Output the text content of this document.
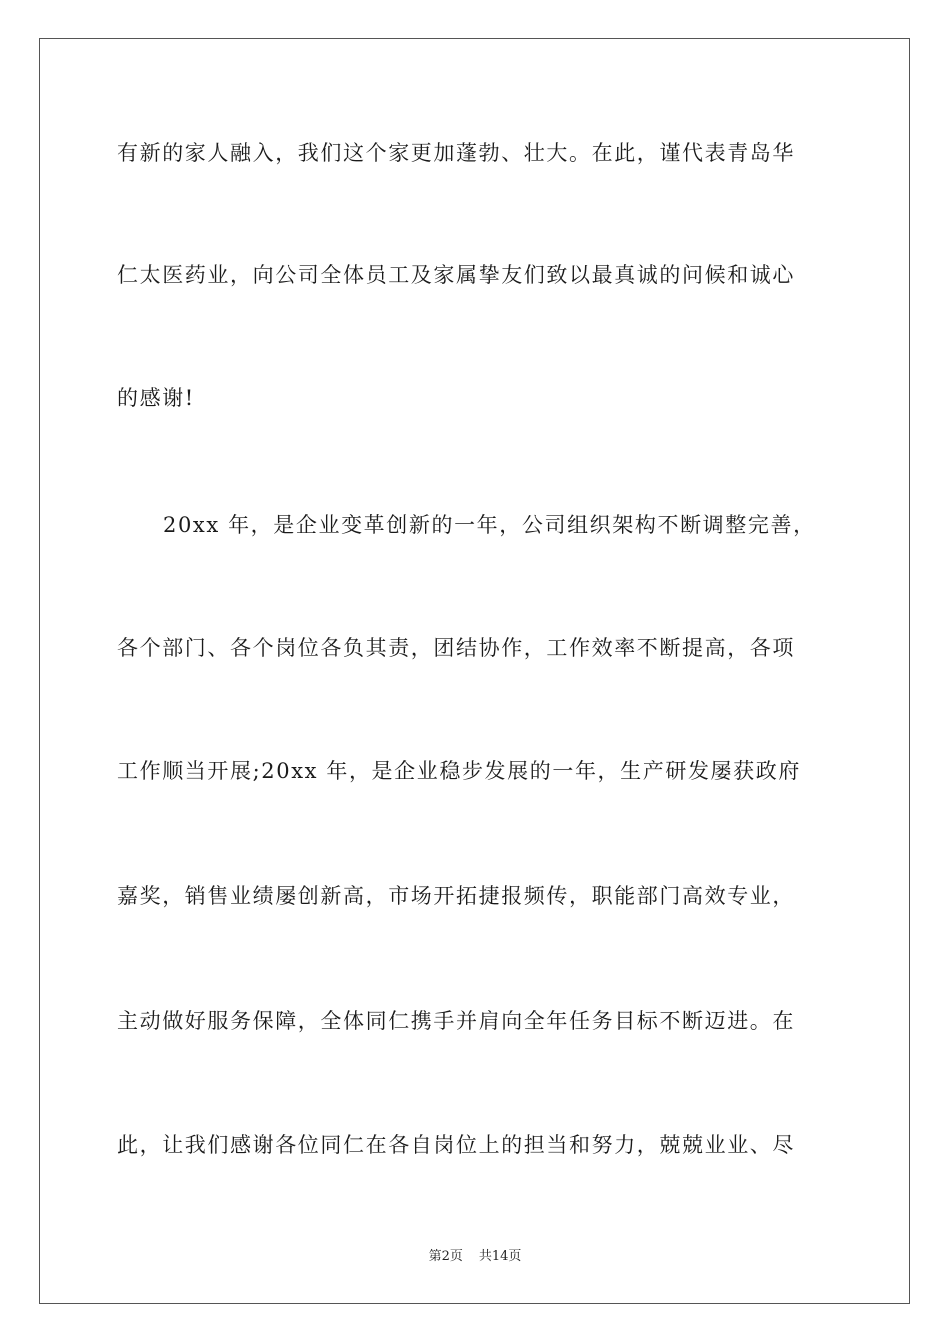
有新的家人融入，我们这个家更加蓬勃、壮大。在此，谨代表青岛华
仁太医药业，向公司全体员工及家属挚友们致以最真诚的问候和诚心
的感谢!
20xx 年，是企业变革创新的一年，公司组织架构不断调整完善，
各个部门、各个岗位各负其责，团结协作，工作效率不断提高，各项
工作顺当开展;20xx 年，是企业稳步发展的一年，生产研发屡获政府
嘉奖，销售业绩屡创新高，市场开拓捷报频传，职能部门高效专业，
主动做好服务保障，全体同仁携手并肩向全年任务目标不断迈进。在
此，让我们感谢各位同仁在各自岗位上的担当和努力，兢兢业业、尽
第2页 共14页
